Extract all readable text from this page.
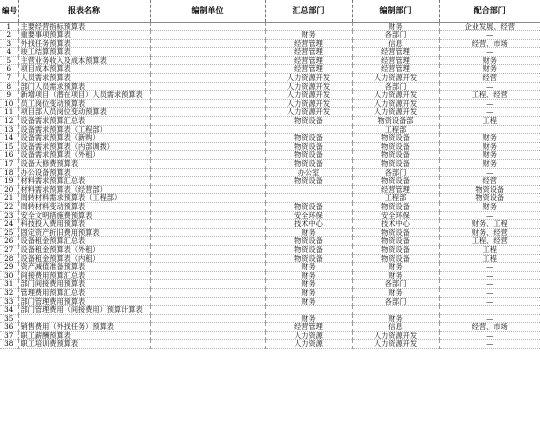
编号	报表名称	编制单位	汇总部门	编制部门	配合部门
1	主要经营指标预算表			财务	企业发展、经营
2	重要事项预算表		财务	各部门	—
3	外找任务预算表		经营管理	信息	经营、市场
4	竣工结算预算表		经营管理	经营管理	—
5	主营业务收入及成本预算表		经营管理	经营管理	财务
6	项目成本预算表		经营管理	经营管理	财务
7	人员需求预算表		人力资源开发	人力资源开发	经营
8	部门人员需求预算表		人力资源开发	各部门	—
9	新增项目（潜在项目）人员需求预算表		人力资源开发	人力资源开发	工程、经营
10	员工岗位变动预算表		人力资源开发	人力资源开发	—
11	项目部人员岗位变动预算表		人力资源开发	人力资源开发	—
12	设备需求预算汇总表		物资设备	物资设备部	工程
13	设备需求预算表（工程部）			工程部	
14	设备需求预算表（新购）		物资设备	物资设备	财务
15	设备需求预算表（内部调拨）		物资设备	物资设备	财务
16	设备需求预算表（外租）		物资设备	物资设备	财务
17	设备大修费预算表		物资设备	物资设备	财务
18	办公设备预算表		办公室	各部门	—
19	材料需求预算汇总表		物资设备	物资设备	经营
20	材料需求预算表（经营部）			经营管理	物资设备
21	周转材料需求预算表（工程部）			工程部	物资设备
22	周转材料变动预算表		物资设备	物资设备	财务
23	安全文明措施费预算表		安全环保	安全环保	—
24	科技投入费用预算表		技术中心	技术中心	财务、工程
25	固定资产折旧费用预算表		财务	物资设备	财务、经营
26	设备租金预算汇总表		物资设备	物资设备	工程、经营
27	设备租金预算表（外租）		物资设备	物资设备	工程
28	设备租金预算表（内租）		物资设备	物资设备	工程
29	资产减值准备预算表		财务	财务	—
30	间接费用预算汇总表		财务	财务	—
31	部门间接费用预算表		财务	各部门	—
32	管理费用预算汇总表		财务	财务	—
33	部门管理费用预算表		财务	各部门	—
34	部门管理费用（间接费用）预算计算表				
35			财务	财务	—
36	销售费用（外找任务）预算表		经营管理	信息	经营、市场
37	职工薪酬预算表		人力资源	人力资源开发	—
38	职工培训费预算表		人力资源	人力资源开发	—
